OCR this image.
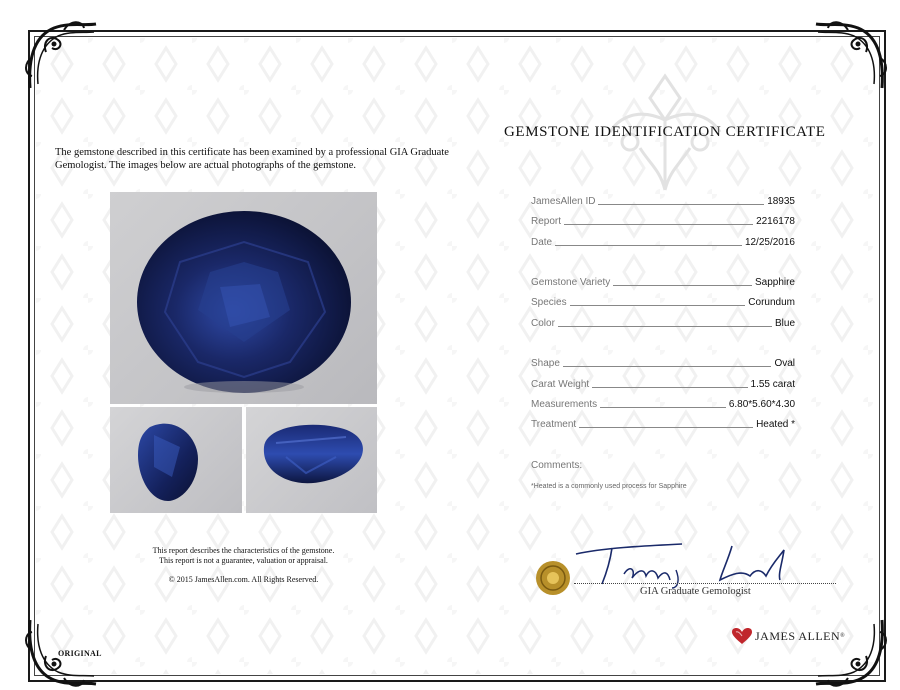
The gemstone described in this certificate has been examined by a professional GIA Graduate Gemologist. The images below are actual photographs of the gemstone.
This report describes the characteristics of the gemstone.
This report is not a guarantee, valuation or appraisal.
© 2015 JamesAllen.com. All Rights Reserved.
ORIGINAL
GEMSTONE IDENTIFICATION CERTIFICATE
JamesAllen ID	18935
Report	2216178
Date	12/25/2016
Gemstone Variety	Sapphire
Species	Corundum
Color	Blue
Shape	Oval
Carat Weight	1.55 carat
Measurements	6.80*5.60*4.30
Treatment	Heated *
Comments:
*Heated is a commonly used process for Sapphire
GIA Graduate Gemologist
JAMES ALLEN ®
